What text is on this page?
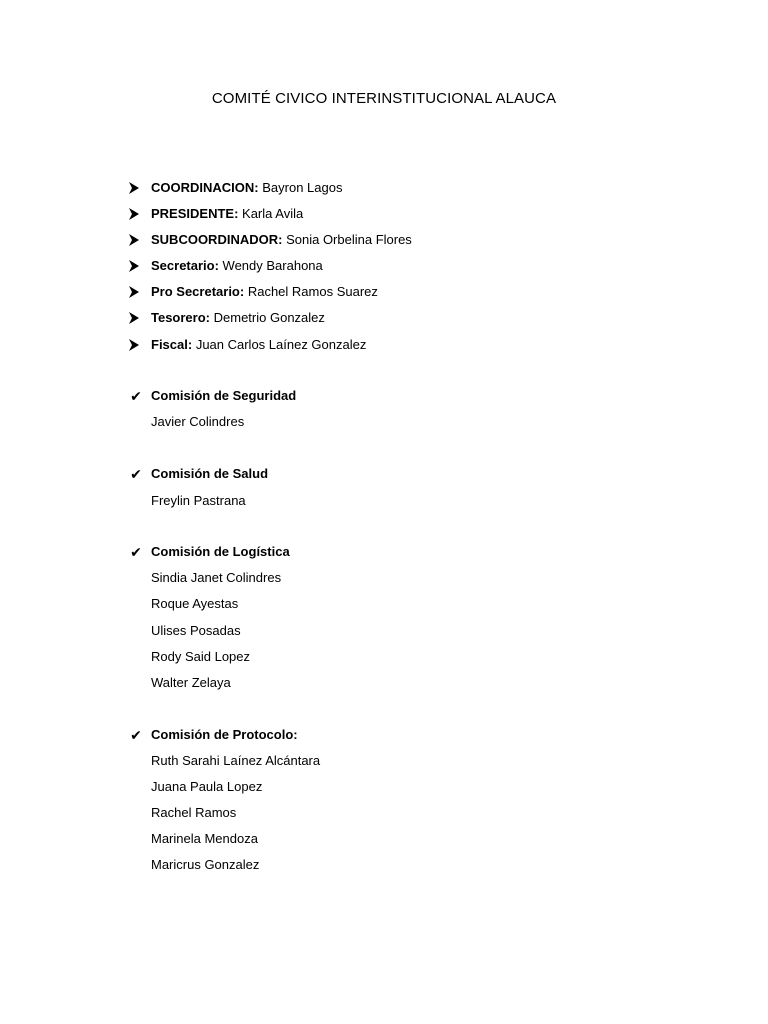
COMITÉ CIVICO INTERINSTITUCIONAL ALAUCA
COORDINACION: Bayron Lagos
PRESIDENTE: Karla Avila
SUBCOORDINADOR: Sonia Orbelina Flores
Secretario: Wendy Barahona
Pro Secretario: Rachel Ramos Suarez
Tesorero: Demetrio Gonzalez
Fiscal: Juan Carlos Laínez Gonzalez
✔ Comisión de Seguridad
Javier Colindres
✔ Comisión de Salud
Freylin Pastrana
✔ Comisión de Logística
Sindia Janet Colindres
Roque Ayestas
Ulises Posadas
Rody Said Lopez
Walter Zelaya
✔ Comisión de Protocolo:
Ruth Sarahi Laínez Alcántara
Juana Paula Lopez
Rachel Ramos
Marinela Mendoza
Maricrus Gonzalez
